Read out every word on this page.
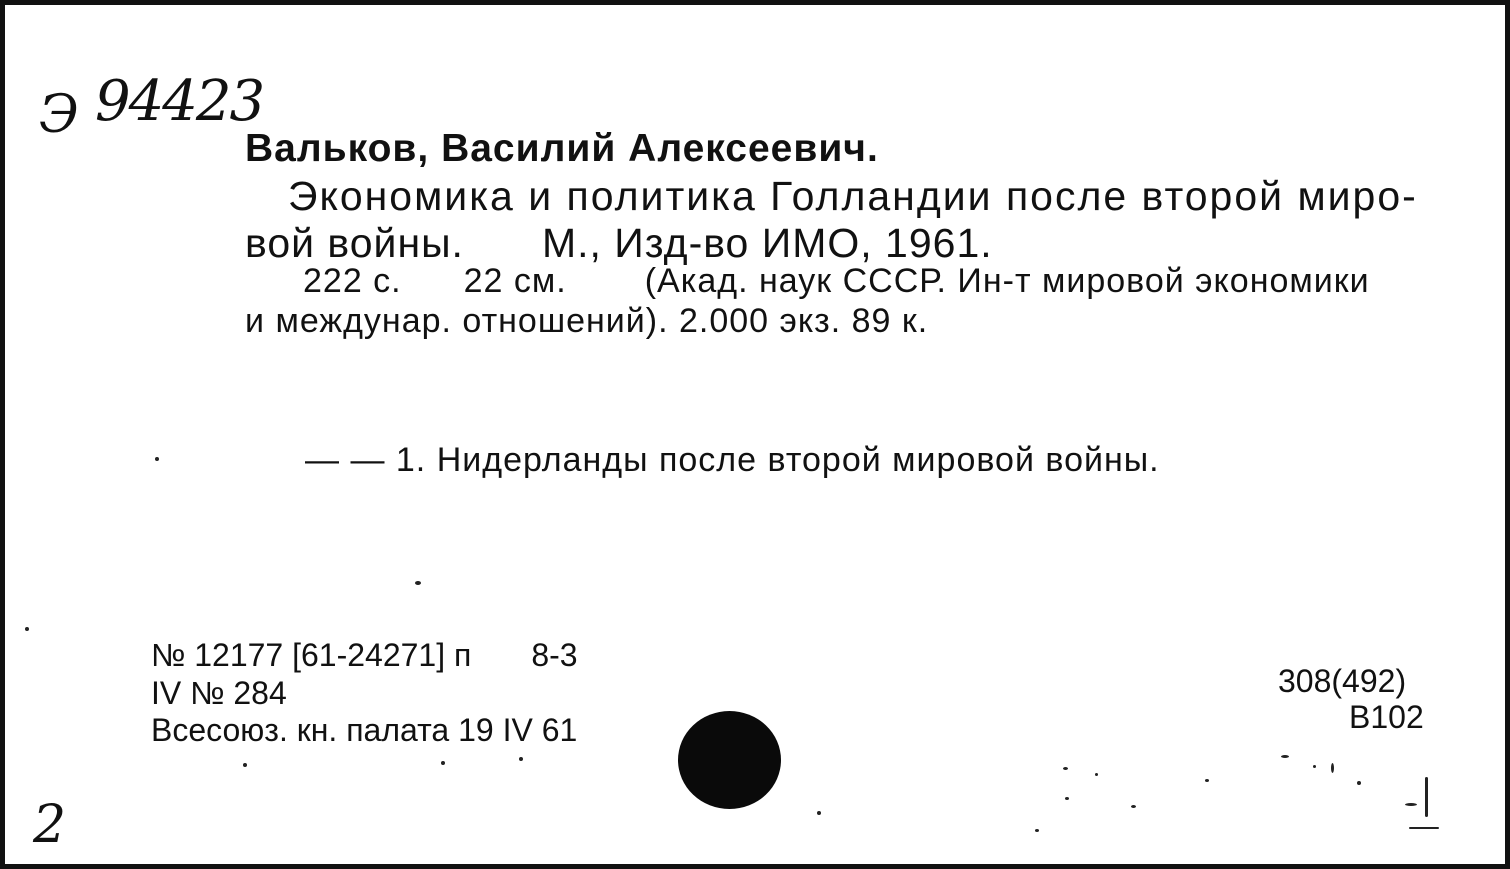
Э 94423
Вальков, Василий Алексеевич.
Экономика и политика Голландии после второй миро-
вой войны. М., Изд-во ИМО, 1961.
222 с. 22 см. (Акад. наук СССР. Ин-т мировой экономики
и междунар. отношений). 2.000 экз. 89 к.
— — 1. Нидерланды после второй мировой войны.
№ 12177 [61-24271] п 8-3
IV № 284
Всесоюз. кн. палата 19 IV 61
308(492)
В102
2
